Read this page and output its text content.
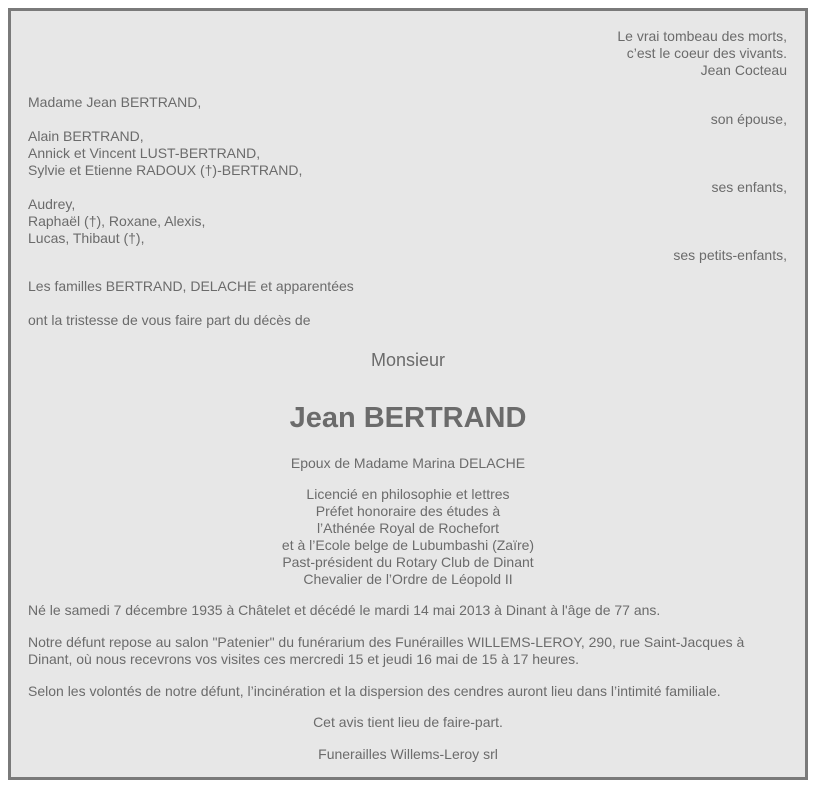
Le vrai tombeau des morts,
c’est le coeur des vivants.
Jean Cocteau
Madame Jean BERTRAND,
son épouse,
Alain BERTRAND,
Annick et Vincent LUST-BERTRAND,
Sylvie et Etienne RADOUX (†)-BERTRAND,
ses enfants,
Audrey,
Raphaël (†), Roxane, Alexis,
Lucas, Thibaut (†),
ses petits-enfants,
Les familles BERTRAND, DELACHE et apparentées
ont la tristesse de vous faire part du décès de
Monsieur
Jean BERTRAND
Epoux de Madame Marina DELACHE
Licencié en philosophie et lettres
Préfet honoraire des études à
l’Athénée Royal de Rochefort
et à l’Ecole belge de Lubumbashi (Zaïre)
Past-président du Rotary Club de Dinant
Chevalier de l’Ordre de Léopold II
Né le samedi 7 décembre 1935 à Châtelet et décédé le mardi 14 mai 2013 à Dinant à l'âge de 77 ans.
Notre défunt repose au salon "Patenier" du funérarium des Funérailles WILLEMS-LEROY, 290, rue Saint-Jacques à
Dinant, où nous recevrons vos visites ces mercredi 15 et jeudi 16 mai de 15 à 17 heures.
Selon les volontés de notre défunt, l’incinération et la dispersion des cendres auront lieu dans l’intimité familiale.
Cet avis tient lieu de faire-part.
Funerailles Willems-Leroy srl
